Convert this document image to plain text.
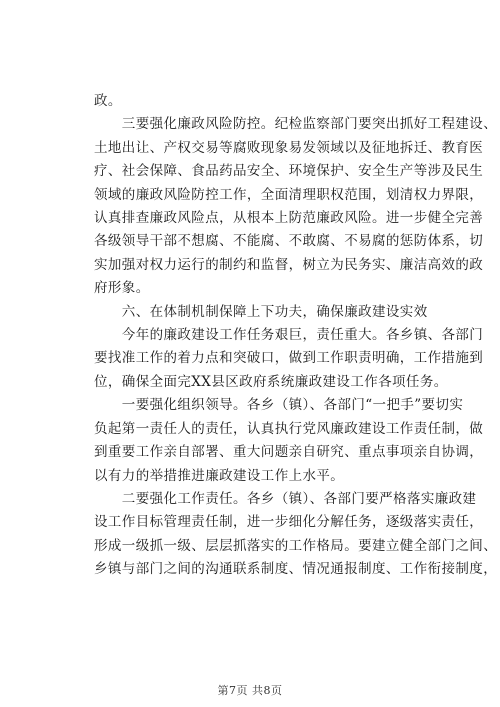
政。

　　三要强化廉政风险防控。纪检监察部门要突出抓好工程建设、
土地出让、产权交易等腐败现象易发领域以及征地拆迁、教育医
疗、社会保障、食品药品安全、环境保护、安全生产等涉及民生
领域的廉政风险防控工作，全面清理职权范围，划清权力界限，
认真排查廉政风险点，从根本上防范廉政风险。进一步健全完善
各级领导干部不想腐、不能腐、不敢腐、不易腐的惩防体系，切
实加强对权力运行的制约和监督，树立为民务实、廉洁高效的政
府形象。

　　六、在体制机制保障上下功夫，确保廉政建设实效

　　今年的廉政建设工作任务艰巨，责任重大。各乡镇、各部门
要找准工作的着力点和突破口，做到工作职责明确，工作措施到
位，确保全面完XX县区政府系统廉政建设工作各项任务。

　　一要强化组织领导。各乡（镇）、各部门“一把手”要切实
负起第一责任人的责任，认真执行党风廉政建设工作责任制，做
到重要工作亲自部署、重大问题亲自研究、重点事项亲自协调，
以有力的举措推进廉政建设工作上水平。

　　二要强化工作责任。各乡（镇）、各部门要严格落实廉政建
设工作目标管理责任制，进一步细化分解任务，逐级落实责任，
形成一级抓一级、层层抓落实的工作格局。要建立健全部门之间、
乡镇与部门之间的沟通联系制度、情况通报制度、工作衔接制度，

第7页 共8页
